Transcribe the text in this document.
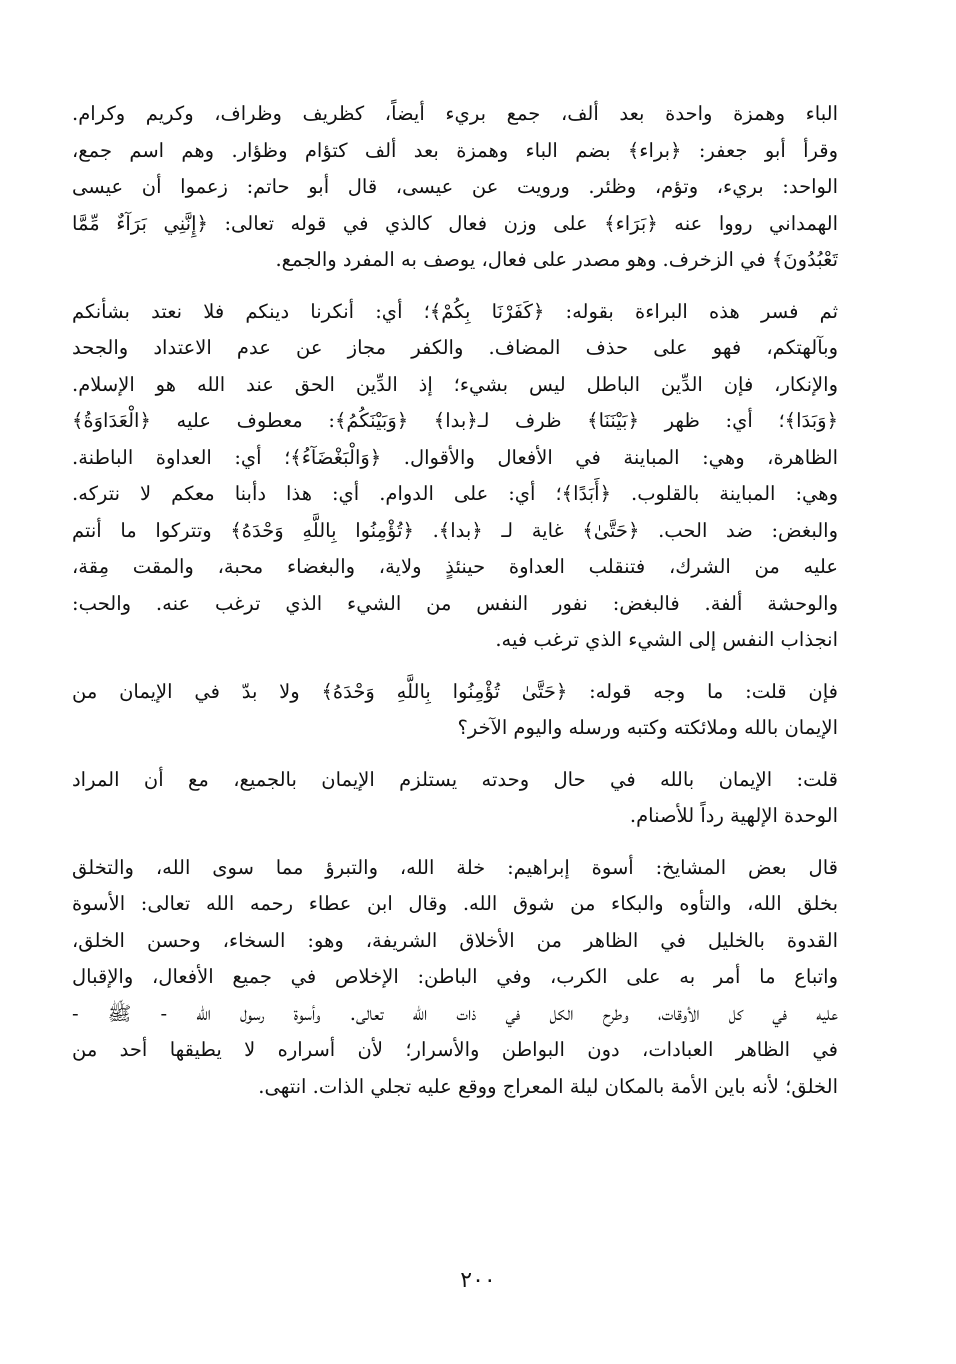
الباء وهمزة واحدة بعد ألف، جمع بريء أيضاً، كظريف وظراف، وكريم وكرام.
وقرأ أبو جعفر: ﴿براء﴾ بضم الباء وهمزة بعد ألف كتؤام وظؤار. وهم اسم جمع،
الواحد: بريء، وتؤم، وظئر. ورويت عن عيسى، قال أبو حاتم: زعموا أن عيسى
الهمداني رووا عنه ﴿بَرَاء﴾ على وزن فعال كالذي في قوله تعالى: ﴿إِنَّنِي بَرَآءٌ مِّمَّا
تَعْبُدُونَ﴾ في الزخرف. وهو مصدر على فعال، يوصف به المفرد والجمع.
ثم فسر هذه البراءة بقوله: ﴿كَفَرْنَا بِكُمْ﴾؛ أي: أنكرنا دينكم فلا نعتد بشأنكم
وبآلهتكم، فهو على حذف المضاف. والكفر مجاز عن عدم الاعتداد والجحد
والإنكار، فإن الدِّين الباطل ليس بشيء؛ إذ الدِّين الحق عند الله هو الإسلام.
﴿وَبَدَا﴾؛ أي: ظهر ﴿بَيْنَنَا﴾ ظرف لـ﴿بدا﴾ ﴿وَبَيْنَكُمُ﴾: معطوف عليه ﴿الْعَدَاوَةُ﴾
الظاهرة، وهي: المباينة في الأفعال والأقوال. ﴿وَالْبَغْضَآءُ﴾؛ أي: العداوة الباطنة.
وهي: المباينة بالقلوب. ﴿أَبَدًا﴾؛ أي: على الدوام. أي: هذا دأبنا معكم لا نتركه.
والبغض: ضد الحب. ﴿حَتَّىٰ﴾ غاية لـ ﴿بدا﴾. ﴿تُؤْمِنُوا بِاللَّهِ وَحْدَهُ﴾ وتتركوا ما أنتم
عليه من الشرك، فتنقلب العداوة حينئذٍ ولاية، والبغضاء محبة، والمقت مِقة،
والوحشة ألفة. فالبغض: نفور النفس من الشيء الذي ترغب عنه. والحب:
انجذاب النفس إلى الشيء الذي ترغب فيه.
فإن قلت: ما وجه قوله: ﴿حَتَّىٰ تُؤْمِنُوا بِاللَّهِ وَحْدَهُ﴾ ولا بدّ في الإيمان من
الإيمان بالله وملائكته وكتبه ورسله واليوم الآخر؟
قلت: الإيمان بالله في حال وحدته يستلزم الإيمان بالجميع، مع أن المراد
الوحدة الإلهية رداً للأصنام.
قال بعض المشايخ: أسوة إبراهيم: خلة الله، والتبرؤ مما سوى الله، والتخلق
بخلق الله، والتأوه والبكاء من شوق الله. وقال ابن عطاء رحمه الله تعالى: الأسوة
القدوة بالخليل في الظاهر من الأخلاق الشريفة، وهو: السخاء، وحسن الخلق،
واتباع ما أمر به على الكرب، وفي الباطن: الإخلاص في جميع الأفعال، والإقبال
عليه في كل الأوقات، وطرح الكل في ذات الله تعالى. وأسوة رسول الله - ﷺ -
في الظاهر العبادات، دون البواطن والأسرار؛ لأن أسراره لا يطيقها أحد من
الخلق؛ لأنه باين الأمة بالمكان ليلة المعراج ووقع عليه تجلي الذات. انتهى.
٢٠٠
